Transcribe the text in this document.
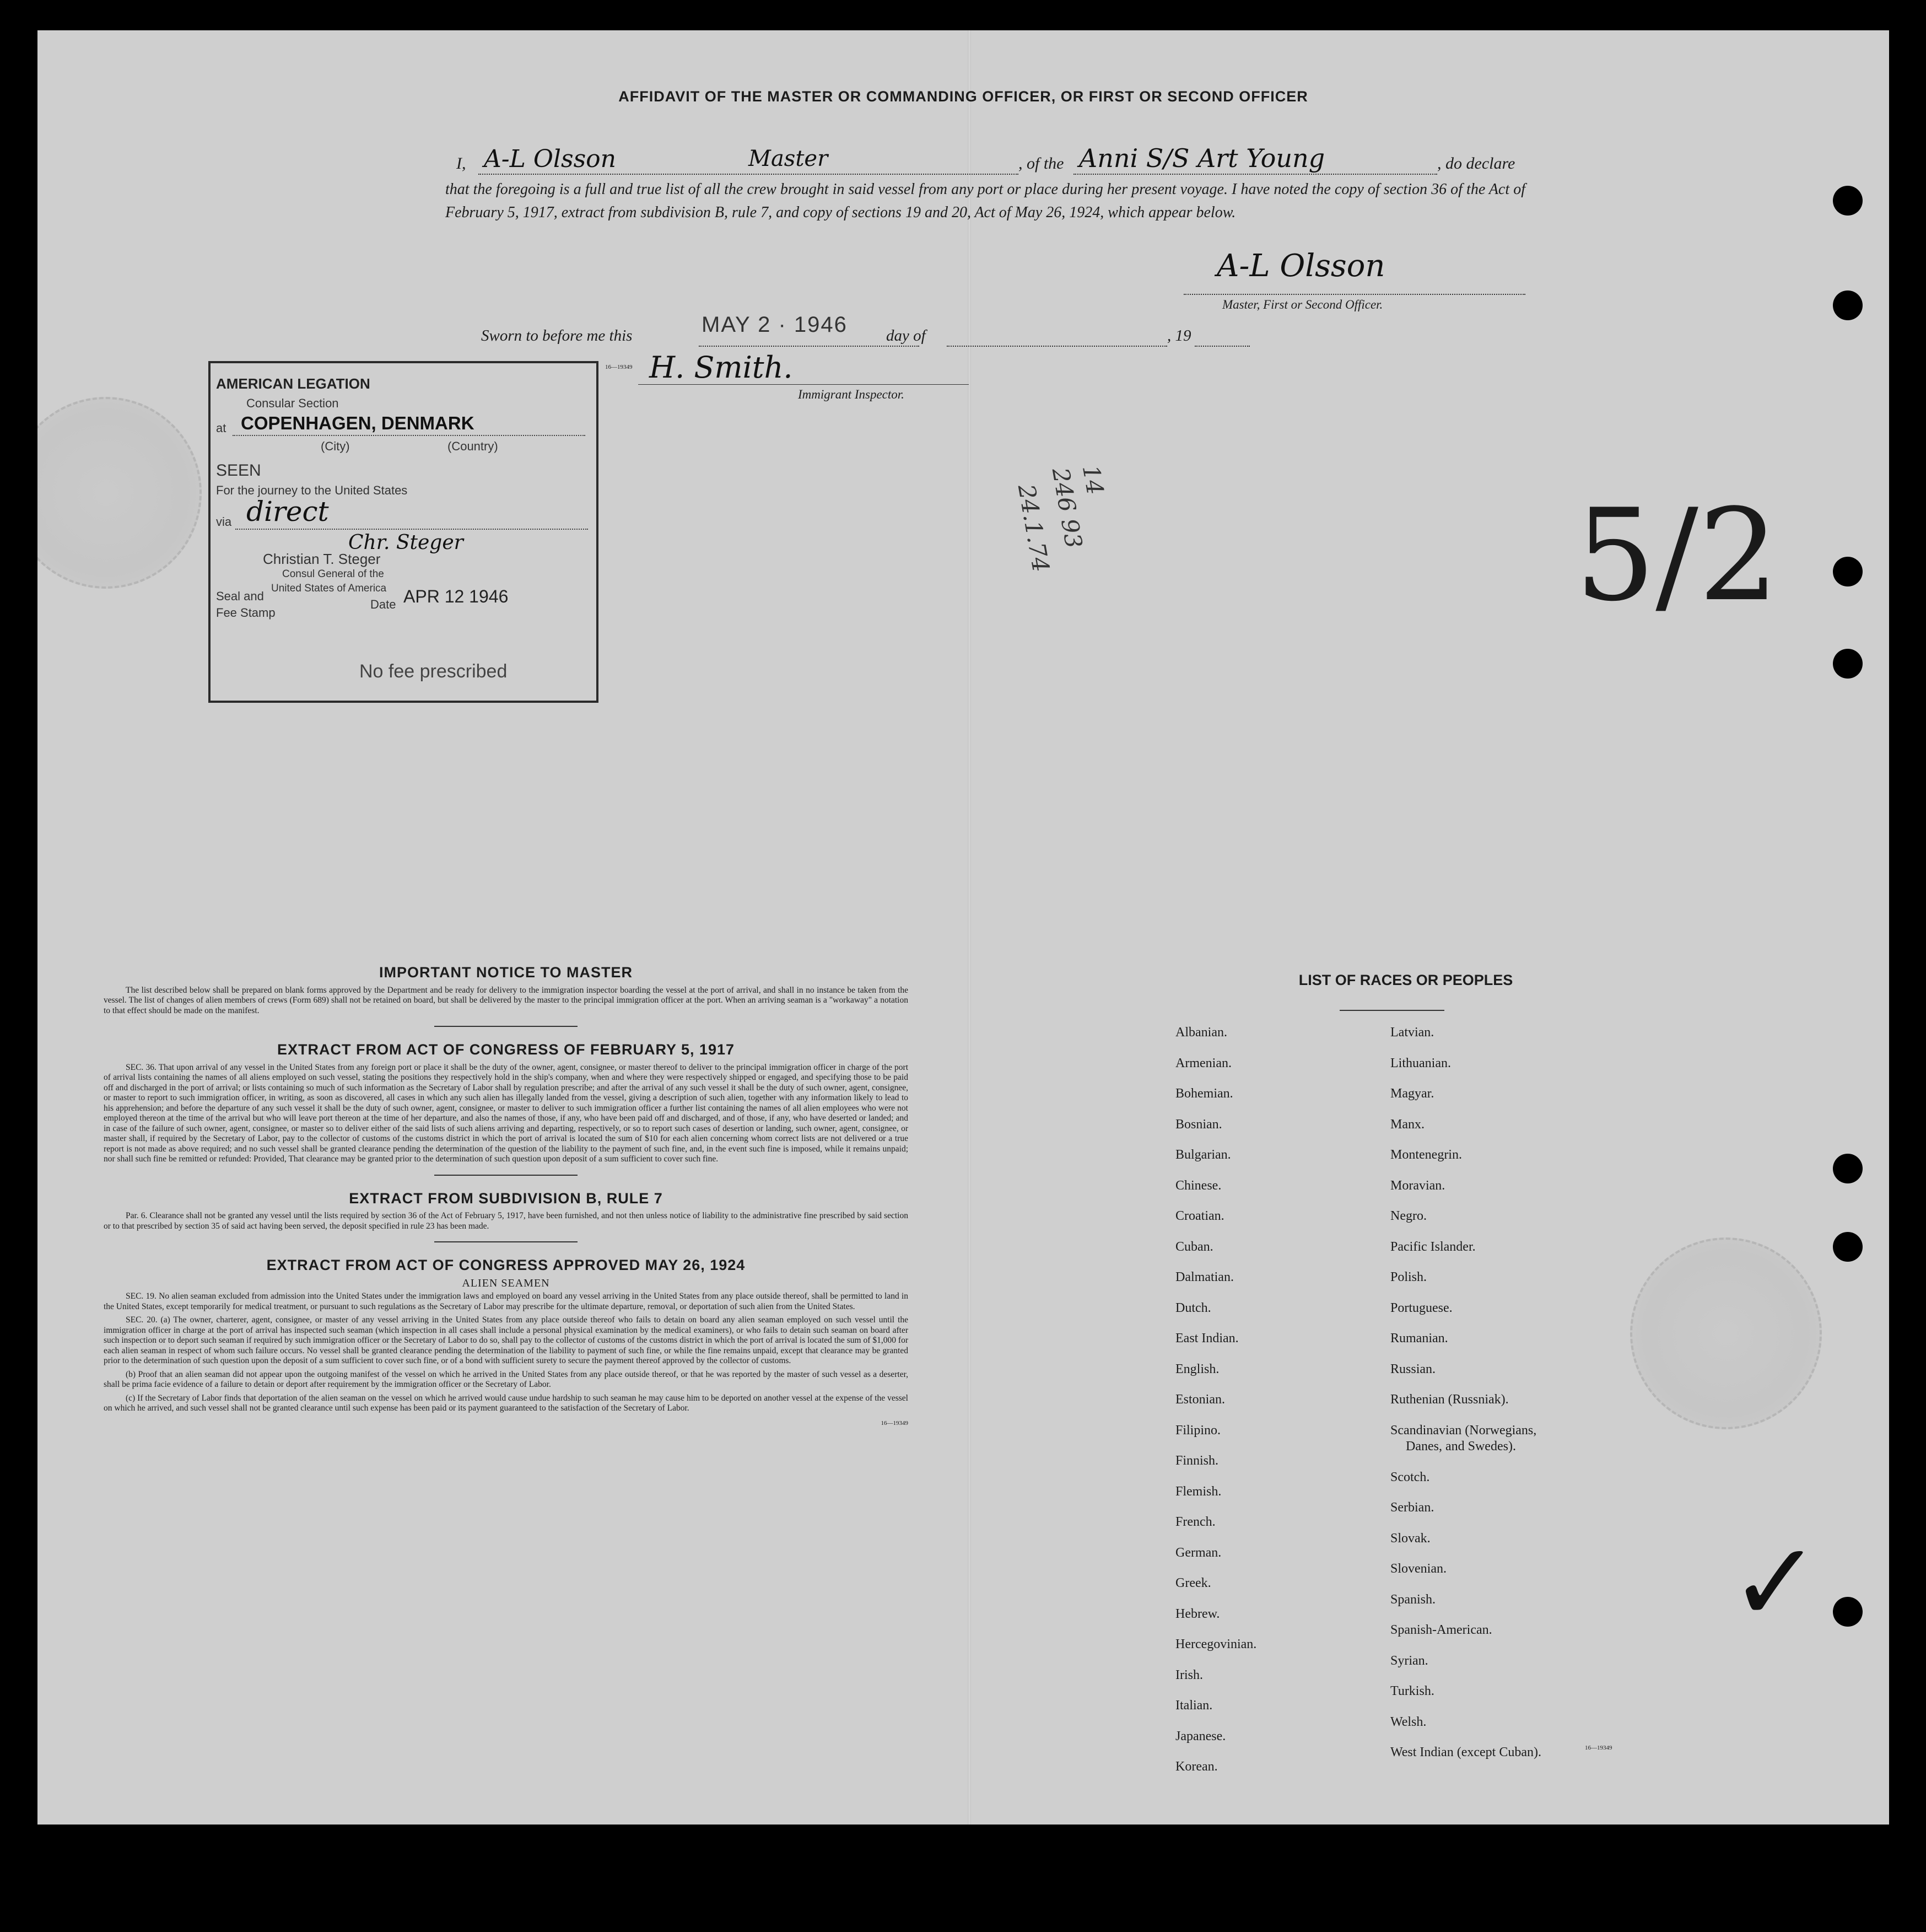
AFFIDAVIT OF THE MASTER OR COMMANDING OFFICER, OR FIRST OR SECOND OFFICER
I, A-L Olsson	Master	, of the Anni S/S Art Young	, do declare
that the foregoing is a full and true list of all the crew brought in said vessel from any port or place during her present voyage. I have noted the copy of section 36 of the Act of February 5, 1917, extract from subdivision B, rule 7, and copy of sections 19 and 20, Act of May 26, 1924, which appear below.
A-L Olsson
Master, First or Second Officer.
Sworn to before me this	MAY 2 · 1946 day of	, 19
H. Smith.
16—19349
Immigrant Inspector.
AMERICAN LEGATION
Consular Section
at COPENHAGEN, DENMARK
(City)	(Country)
SEEN
For the journey to the United States
via direct
Chr. Steger
Christian T. Steger
Consul General of the
Seal and
United States of America
Date APR 12 1946
Fee Stamp
No fee prescribed
14
246 93
24.1.74	5/2
✓
IMPORTANT NOTICE TO MASTER

The list described below shall be prepared on blank forms approved by the Department and be ready for delivery to the immigration inspector boarding the vessel at the port of arrival, and shall in no instance be taken from the vessel. The list of changes of alien members of crews (Form 689) shall not be retained on board, but shall be delivered by the master to the principal immigration officer at the port. When an arriving seaman is a "workaway" a notation to that effect should be made on the manifest.

EXTRACT FROM ACT OF CONGRESS OF FEBRUARY 5, 1917

SEC. 36. That upon arrival of any vessel in the United States from any foreign port or place it shall be the duty of the owner, agent, consignee, or master thereof to deliver to the principal immigration officer in charge of the port of arrival lists containing the names of all aliens employed on such vessel, stating the positions they respectively hold in the ship's company, when and where they were respectively shipped or engaged, and specifying those to be paid off and discharged in the port of arrival; or lists containing so much of such information as the Secretary of Labor shall by regulation prescribe; and after the arrival of any such vessel it shall be the duty of such owner, agent, consignee, or master to report to such immigration officer, in writing, as soon as discovered, all cases in which any such alien has illegally landed from the vessel, giving a description of such alien, together with any information likely to lead to his apprehension; and before the departure of any such vessel it shall be the duty of such owner, agent, consignee, or master to deliver to such immigration officer a further list containing the names of all alien employees who were not employed thereon at the time of the arrival but who will leave port thereon at the time of her departure, and also the names of those, if any, who have been paid off and discharged, and of those, if any, who have deserted or landed; and in case of the failure of such owner, agent, consignee, or master so to deliver either of the said lists of such aliens arriving and departing, respectively, or so to report such cases of desertion or landing, such owner, agent, consignee, or master shall, if required by the Secretary of Labor, pay to the collector of customs of the customs district in which the port of arrival is located the sum of $10 for each alien concerning whom correct lists are not delivered or a true report is not made as above required; and no such vessel shall be granted clearance pending the determination of the question of the liability to the payment of such fine, and, in the event such fine is imposed, while it remains unpaid; nor shall such fine be remitted or refunded: Provided, That clearance may be granted prior to the determination of such question upon deposit of a sum sufficient to cover such fine.

EXTRACT FROM SUBDIVISION B, RULE 7

Par. 6. Clearance shall not be granted any vessel until the lists required by section 36 of the Act of February 5, 1917, have been furnished, and not then unless notice of liability to the administrative fine prescribed by said section or to that prescribed by section 35 of said act having been served, the deposit specified in rule 23 has been made.

EXTRACT FROM ACT OF CONGRESS APPROVED MAY 26, 1924
ALIEN SEAMEN

SEC. 19. No alien seaman excluded from admission into the United States under the immigration laws and employed on board any vessel arriving in the United States from any place outside thereof, shall be permitted to land in the United States, except temporarily for medical treatment, or pursuant to such regulations as the Secretary of Labor may prescribe for the ultimate departure, removal, or deportation of such alien from the United States.

SEC. 20. (a) The owner, charterer, agent, consignee, or master of any vessel arriving in the United States from any place outside thereof who fails to detain on board any alien seaman employed on such vessel until the immigration officer in charge at the port of arrival has inspected such seaman (which inspection in all cases shall include a personal physical examination by the medical examiners), or who fails to detain such seaman on board after such inspection or to deport such seaman if required by such immigration officer or the Secretary of Labor to do so, shall pay to the collector of customs of the customs district in which the port of arrival is located the sum of $1,000 for each alien seaman in respect of whom such failure occurs. No vessel shall be granted clearance pending the determination of the liability to payment of such fine, or while the fine remains unpaid, except that clearance may be granted prior to the determination of such question upon the deposit of a sum sufficient to cover such fine, or of a bond with sufficient surety to secure the payment thereof approved by the collector of customs.

(b) Proof that an alien seaman did not appear upon the outgoing manifest of the vessel on which he arrived in the United States from any place outside thereof, or that he was reported by the master of such vessel as a deserter, shall be prima facie evidence of a failure to detain or deport after requirement by the immigration officer or the Secretary of Labor.

(c) If the Secretary of Labor finds that deportation of the alien seaman on the vessel on which he arrived would cause undue hardship to such seaman he may cause him to be deported on another vessel at the expense of the vessel on which he arrived, and such vessel shall not be granted clearance until such expense has been paid or its payment guaranteed to the satisfaction of the Secretary of Labor.

16—19349
LIST OF RACES OR PEOPLES
Albanian.
Armenian.
Bohemian.
Bosnian.
Bulgarian.
Chinese.
Croatian.
Cuban.
Dalmatian.
Dutch.
East Indian.
English.
Estonian.
Filipino.
Finnish.
Flemish.
French.
German.
Greek.
Hebrew.
Hercegovinian.
Irish.
Italian.
Japanese.
Korean.
Latvian.
Lithuanian.
Magyar.
Manx.
Montenegrin.
Moravian.
Negro.
Pacific Islander.
Polish.
Portuguese.
Rumanian.
Russian.
Ruthenian (Russniak).
Scandinavian (Norwegians,
Danes, and Swedes).
Scotch.
Serbian.
Slovak.
Slovenian.
Spanish.
Spanish-American.
Syrian.
Turkish.
Welsh.
West Indian (except Cuban).	16—19349
